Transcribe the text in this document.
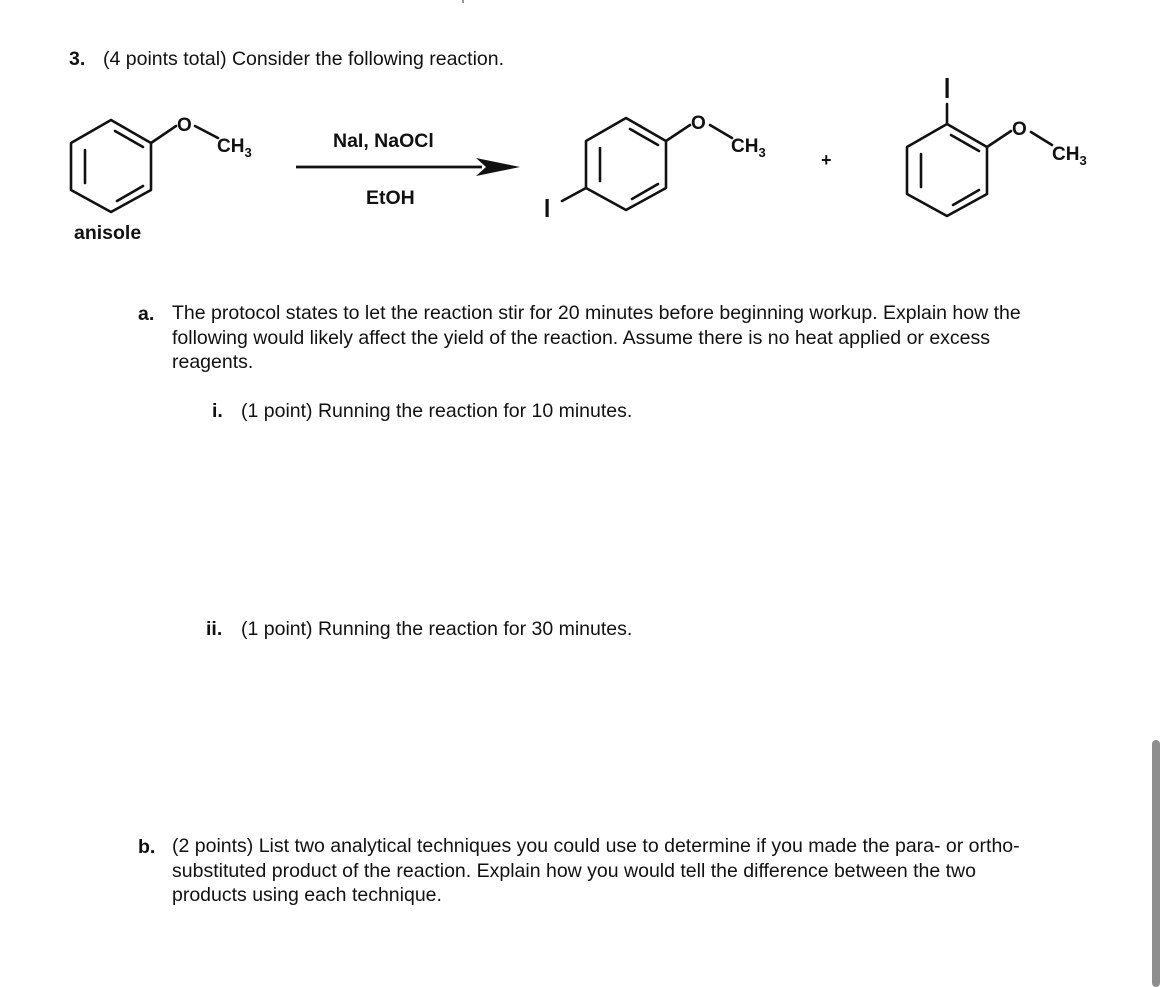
3. (4 points total) Consider the following reaction.
O
$CH_3$
NaI, NaOCl
EtOH
O
$CH_3$	+
O
$CH_3$
anisole
a. The protocol states to let the reaction stir for 20 minutes before beginning workup. Explain how the
following would likely affect the yield of the reaction. Assume there is no heat applied or excess
reagents.
i. (1 point) Running the reaction for 10 minutes.
ii. (1 point) Running the reaction for 30 minutes.
b. (2 points) List two analytical techniques you could use to determine if you made the para- or ortho-
substituted product of the reaction. Explain how you would tell the difference between the two
products using each technique.
